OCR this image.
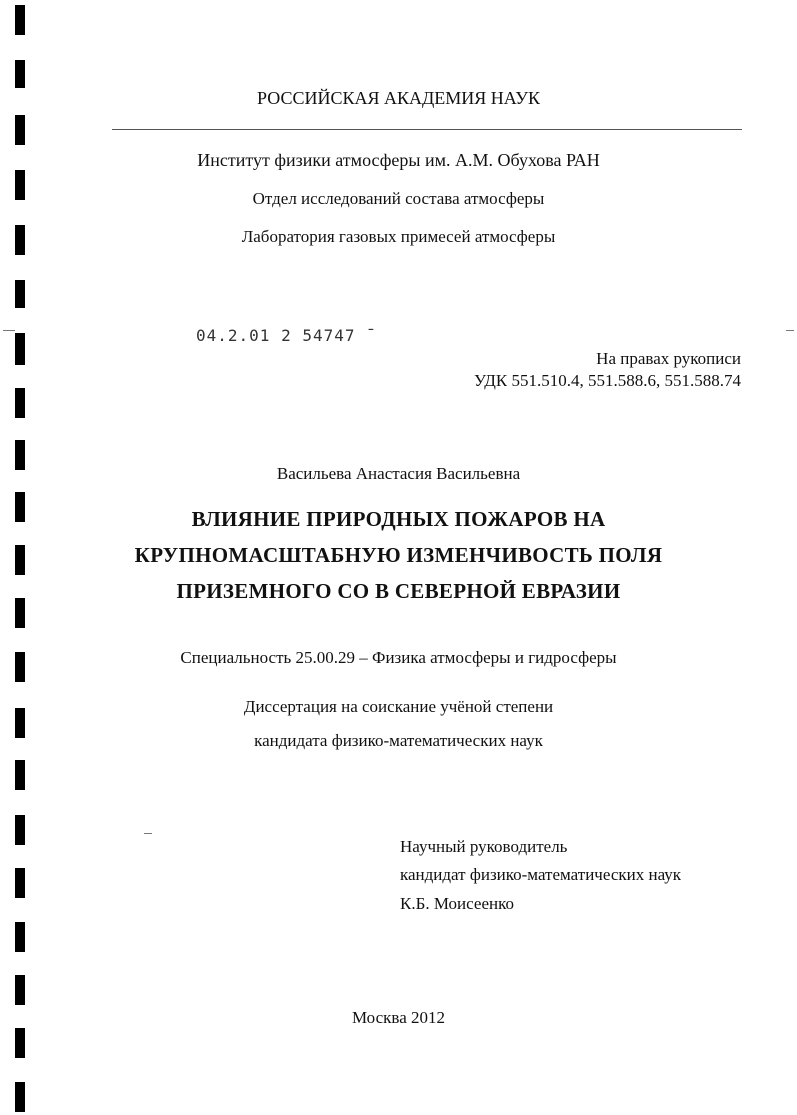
РОССИЙСКАЯ АКАДЕМИЯ НАУК
Институт физики атмосферы им. А.М. Обухова РАН
Отдел исследований состава атмосферы
Лаборатория газовых примесей атмосферы
04.2.01 2 54747 ˉ
На правах рукописи
УДК 551.510.4, 551.588.6, 551.588.74
Васильева Анастасия Васильевна
ВЛИЯНИЕ ПРИРОДНЫХ ПОЖАРОВ НА
КРУПНОМАСШТАБНУЮ ИЗМЕНЧИВОСТЬ ПОЛЯ
ПРИЗЕМНОГО СО В СЕВЕРНОЙ ЕВРАЗИИ
Специальность 25.00.29 – Физика атмосферы и гидросферы
Диссертация на соискание учёной степени
кандидата физико-математических наук
Научный руководитель
кандидат физико-математических наук
К.Б. Моисеенко
Москва 2012
